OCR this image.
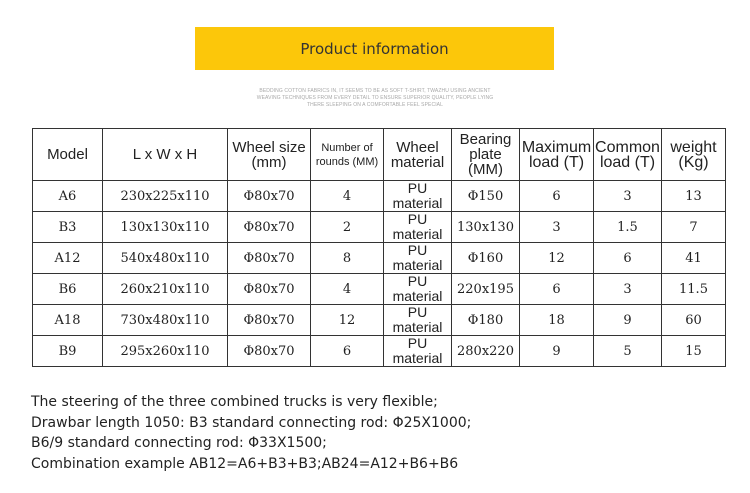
Product information
BEDDING COTTON FABRICS IN, IT SEEMS TO BE AS SOFT T-SHIRT, TWAZHU USING ANCIENT
WEAVING TECHNIQUES FROM EVERY DETAIL TO ENSURE SUPERIOR QUALITY, PEOPLE LYING
THERE SLEEPING ON A COMFORTABLE FEEL SPECIAL
Model	L x W x H	Wheel size (mm)	Number of rounds (MM)	Wheel material	Bearing plate (MM)	Maximum load (T)	Common load (T)	weight (Kg)
A6	230x225x110	Φ80x70	4	PU material	Φ150	6	3	13
B3	130x130x110	Φ80x70	2	PU material	130x130	3	1.5	7
A12	540x480x110	Φ80x70	8	PU material	Φ160	12	6	41
B6	260x210x110	Φ80x70	4	PU material	220x195	6	3	11.5
A18	730x480x110	Φ80x70	12	PU material	Φ180	18	9	60
B9	295x260x110	Φ80x70	6	PU material	280x220	9	5	15
The steering of the three combined trucks is very flexible;
Drawbar length 1050: B3 standard connecting rod: Φ25X1000;
B6/9 standard connecting rod: Φ33X1500;
Combination example AB12=A6+B3+B3;AB24=A12+B6+B6
